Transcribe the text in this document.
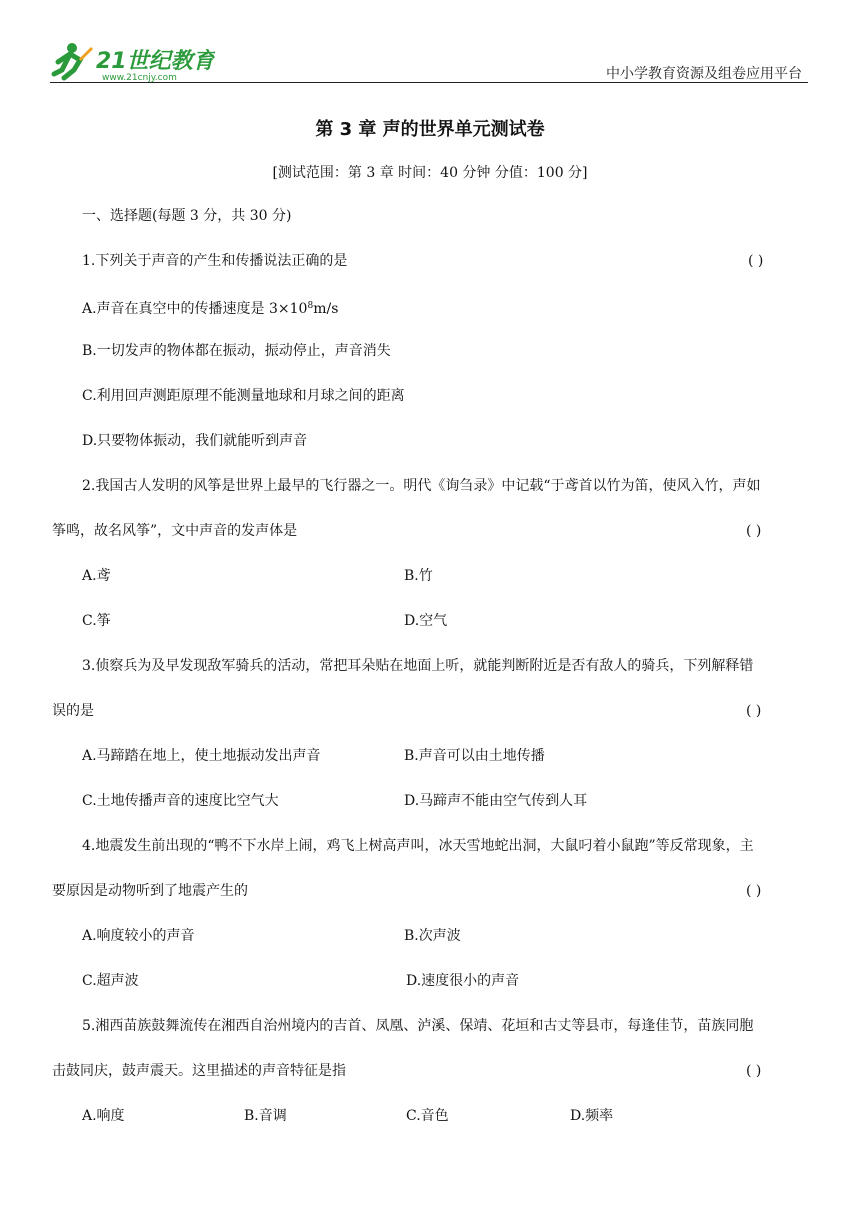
21世纪教育
www.21cnjy.com	中小学教育资源及组卷应用平台
第 3 章 声的世界单元测试卷
[测试范围：第 3 章 时间：40 分钟 分值：100 分]
一、选择题(每题 3 分，共 30 分)
1.下列关于声音的产生和传播说法正确的是	( )
A.声音在真空中的传播速度是 $3\times 10^8m/s$
B.一切发声的物体都在振动，振动停止，声音消失
C.利用回声测距原理不能测量地球和月球之间的距离
D.只要物体振动，我们就能听到声音
2.我国古人发明的风筝是世界上最早的飞行器之一。明代《询刍录》中记载“于鸢首以竹为笛，使风入竹，声如
筝鸣，故名风筝”，文中声音的发声体是	( )
A.鸢	B.竹
C.筝	D.空气
3.侦察兵为及早发现敌军骑兵的活动，常把耳朵贴在地面上听，就能判断附近是否有敌人的骑兵，下列解释错
误的是	( )
A.马蹄踏在地上，使土地振动发出声音	B.声音可以由土地传播
C.土地传播声音的速度比空气大	D.马蹄声不能由空气传到人耳
4.地震发生前出现的“鸭不下水岸上闹，鸡飞上树高声叫，冰天雪地蛇出洞，大鼠叼着小鼠跑”等反常现象，主
要原因是动物听到了地震产生的	( )
A.响度较小的声音	B.次声波
C.超声波	D.速度很小的声音
5.湘西苗族鼓舞流传在湘西自治州境内的吉首、凤凰、泸溪、保靖、花垣和古丈等县市，每逢佳节，苗族同胞
击鼓同庆，鼓声震天。这里描述的声音特征是指	( )
A.响度	B.音调	C.音色	D.频率
